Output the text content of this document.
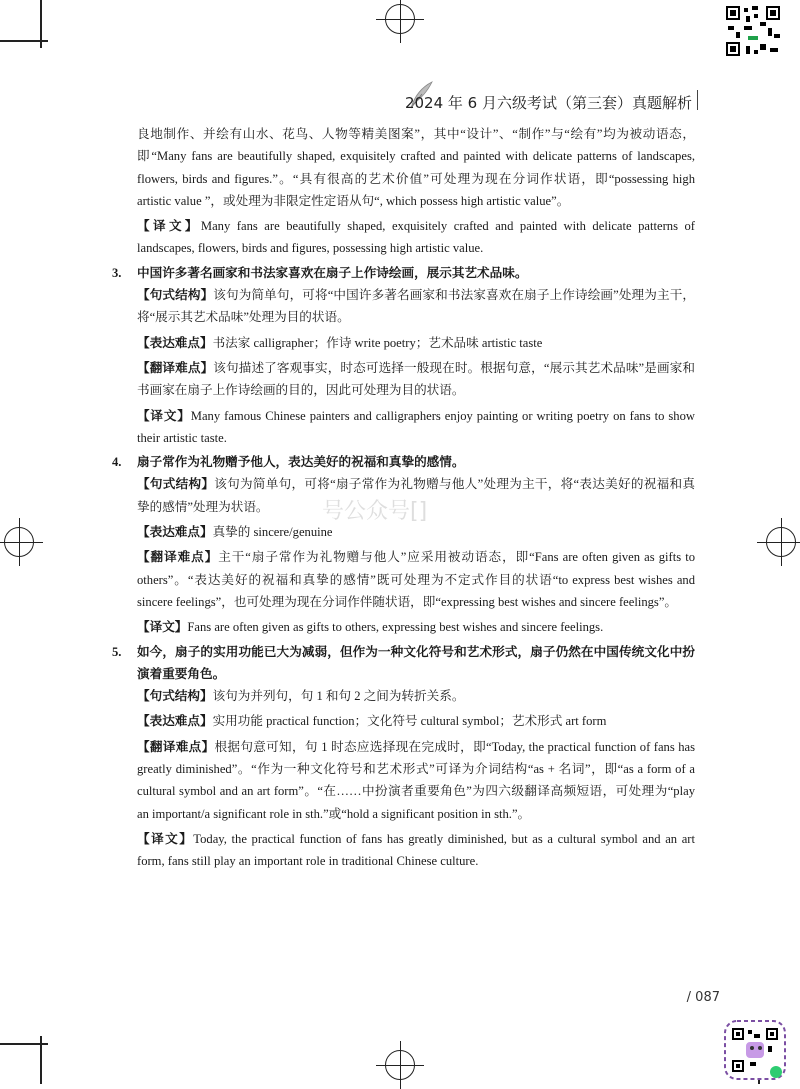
2024 年 6 月六级考试（第三套）真题解析

良地制作、并绘有山水、花鸟、人物等精美图案”，其中“设计”、“制作”与“绘有”均为被动语态，即“Many fans are beautifully shaped, exquisitely crafted and painted with delicate patterns of landscapes, flowers, birds and figures.”。“具有很高的艺术价值”可处理为现在分词作状语，即“possessing high artistic value ”，或处理为非限定性定语从句“, which possess high artistic value”。

【译文】Many fans are beautifully shaped, exquisitely crafted and painted with delicate patterns of landscapes, flowers, birds and figures, possessing high artistic value.

3. 中国许多著名画家和书法家喜欢在扇子上作诗绘画，展示其艺术品味。

【句式结构】该句为简单句，可将“中国许多著名画家和书法家喜欢在扇子上作诗绘画”处理为主干，将“展示其艺术品味”处理为目的状语。

【表达难点】书法家 calligrapher；作诗 write poetry；艺术品味 artistic taste

【翻译难点】该句描述了客观事实，时态可选择一般现在时。根据句意，“展示其艺术品味”是画家和书画家在扇子上作诗绘画的目的，因此可处理为目的状语。

【译文】Many famous Chinese painters and calligraphers enjoy painting or writing poetry on fans to show their artistic taste.

4. 扇子常作为礼物赠予他人，表达美好的祝福和真挚的感情。

【句式结构】该句为简单句，可将“扇子常作为礼物赠与他人”处理为主干，将“表达美好的祝福和真挚的感情”处理为状语。

【表达难点】真挚的 sincere/genuine

【翻译难点】主干“扇子常作为礼物赠与他人”应采用被动语态，即“Fans are often given as gifts to others”。“表达美好的祝福和真挚的感情”既可处理为不定式作目的状语“to express best wishes and sincere feelings”，也可处理为现在分词作伴随状语，即“expressing best wishes and sincere feelings”。

【译文】Fans are often given as gifts to others, expressing best wishes and sincere feelings.

5. 如今，扇子的实用功能已大为减弱，但作为一种文化符号和艺术形式，扇子仍然在中国传统文化中扮演着重要角色。

【句式结构】该句为并列句，句 1 和句 2 之间为转折关系。

【表达难点】实用功能 practical function；文化符号 cultural symbol；艺术形式 art form

【翻译难点】根据句意可知，句 1 时态应选择现在完成时，即“Today, the practical function of fans has greatly diminished”。“作为一种文化符号和艺术形式”可译为介词结构“as + 名词”，即“as a form of a cultural symbol and an art form”。“在……中扮演者重要角色”为四六级翻译高频短语，可处理为“play an important/a significant role in sth.”或“hold a significant position in sth.”。

【译文】Today, the practical function of fans has greatly diminished, but as a cultural symbol and an art form, fans still play an important role in traditional Chinese culture.

号公众号[]
/ 087
